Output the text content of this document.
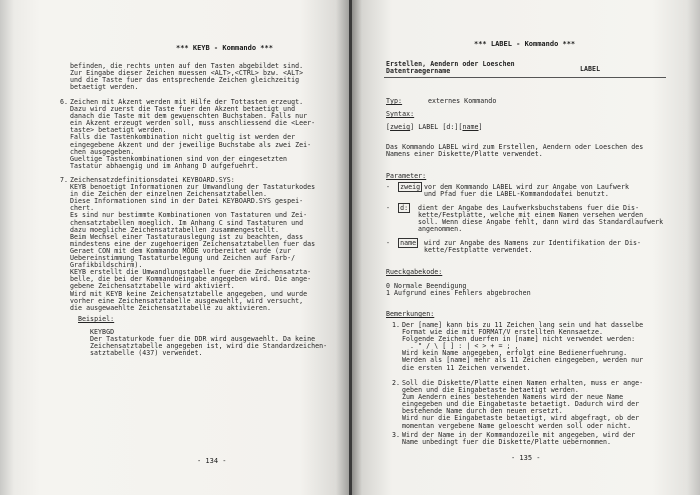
*** KEYB - Kommando ***
befinden, die rechts unten auf den Tasten abgebildet sind.
Zur Eingabe dieser Zeichen muessen <ALT>,<CTRL> bzw. <ALT>
und die Taste fuer das entsprechende Zeichen gleichzeitig
betaetigt werden.
6. Zeichen mit Akzent werden mit Hilfe der Tottasten erzeugt.
Dazu wird zuerst die Taste fuer den Akzent betaetigt und
danach die Taste mit dem gewuenschten Buchstaben. Falls nur
ein Akzent erzeugt werden soll, muss anschliessend die <Leer-
taste> betaetigt werden.
Falls die Tastenkombination nicht gueltig ist werden der
eingegebene Akzent und der jeweilige Buchstabe als zwei Zei-
chen ausgegeben.
Gueltige Tastenkombinationen sind von der eingesetzten
Tastatur abhaengig und im Anhang D aufgefuehrt.
7. Zeichensatzdefinitionsdatei KEYBOARD.SYS:
KEYB benoetigt Informationen zur Umwandlung der Tastaturkodes
in die Zeichen der einzelnen Zeichensatztabellen.
Diese Informationen sind in der Datei KEYBOARD.SYS gespei-
chert.
Es sind nur bestimmte Kombinationen von Tastaturen und Zei-
chensatztabellen moeglich. Im Anhang C sind Tastaturen und
dazu moegliche Zeichensatztabellen zusammengestellt.
Beim Wechsel einer Tastaturauslegung ist zu beachten, dass
mindestens eine der zugehoerigen Zeichensatztabellen fuer das
Geraet CON mit dem Kommando MODE vorbereitet wurde (zur
Uebereinstimmung Tastaturbelegung und Zeichen auf Farb-/
Grafikbildschirm).
KEYB erstellt die Umwandlungstabelle fuer die Zeichensatzta-
belle, die bei der Kommandoeingabe angegeben wird. Die ange-
gebene Zeichensatztabelle wird aktiviert.
Wird mit KEYB keine Zeichensatztabelle angegeben, und wurde
vorher eine Zeichensatztabelle ausgewaehlt, wird versucht,
die ausgewaehlte Zeichensatztabelle zu aktivieren.
Beispiel:
KEYBGD
Der Tastaturkode fuer die DDR wird ausgewaehlt. Da keine
Zeichensatztabelle angegeben ist, wird die Standardzeichen-
satztabelle (437) verwendet.
- 134 -
*** LABEL - Kommando ***
Erstellen, Aendern oder Loeschen
Datentraegername	LABEL
Typ:	externes Kommando
Syntax:
[zweig] LABEL [d:][name]
Das Kommando LABEL wird zum Erstellen, Aendern oder Loeschen des
Namens einer Diskette/Platte verwendet.
Parameter:
-  zweig vor dem Kommando LABEL wird zur Angabe von Laufwerk
und Pfad fuer die LABEL-Kommandodatei benutzt.
-  d:	dient der Angabe des Laufwerksbuchstabens fuer die Dis-
kette/Festplatte, welche mit einem Namen versehen werden
soll. Wenn diese Angabe fehlt, dann wird das Standardlaufwerk
angenommen.
-  name	wird zur Angabe des Namens zur Identifikation der Dis-
kette/Festplatte verwendet.
Rueckgabekode:
0 Normale Beendigung
1 Aufgrund eines Fehlers abgebrochen
Bemerkungen:
1. Der [name] kann bis zu 11 Zeichen lang sein und hat dasselbe
Format wie die mit FORMAT/V erstellten Kennsaetze.
Folgende Zeichen duerfen in [name] nicht verwendet werden:
. " / \ [ ] : | < > + = ; ,
Wird kein Name angegeben, erfolgt eine Bedienerfuehrung.
Werden als [name] mehr als 11 Zeichen eingegeben, werden nur
die ersten 11 Zeichen verwendet.
2. Soll die Diskette/Platte einen Namen erhalten, muss er ange-
geben und die Eingabetaste betaetigt werden.
Zum Aendern eines bestehenden Namens wird der neue Name
eingegeben und die Eingabetaste betaetigt. Dadurch wird der
bestehende Name durch den neuen ersetzt.
Wird nur die Eingabetaste betaetigt, wird abgefragt, ob der
momentan vergebene Name geloescht werden soll oder nicht.
3. Wird der Name in der Kommandozeile mit angegeben, wird der
Name unbedingt fuer die Diskette/Platte uebernommen.
- 135 -
